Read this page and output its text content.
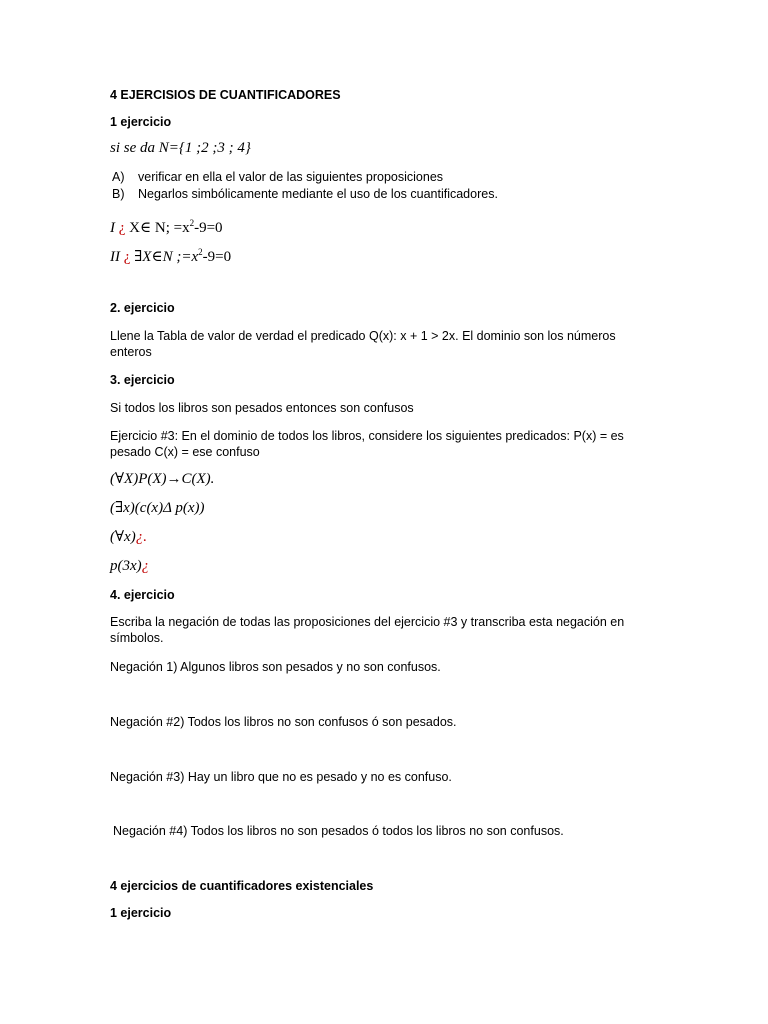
4 EJERCISIOS DE CUANTIFICADORES
1 ejercicio
si se da N={1 ;2 ;3 ; 4}
A) verificar en ella el valor de las siguientes proposiciones
B) Negarlos simbólicamente mediante el uso de los cuantificadores.
I ¿ X∈ N; $=x^2-9=0$
II ¿ ∃X∈N $;=x^2-9=0$
2. ejercicio
Llene la Tabla de valor de verdad el predicado Q(x): x + 1 > 2x. El dominio son los números enteros
3. ejercicio
Si todos los libros son pesados entonces son confusos
Ejercicio #3: En el dominio de todos los libros, considere los siguientes predicados: P(x) = es pesado C(x) = ese confuso
(∀X)P(X)→C(X).
(∃x)(c(x)Δ p(x))
(∀x)¿.
p(3x)¿
4. ejercicio
Escriba la negación de todas las proposiciones del ejercicio #3 y transcriba esta negación en símbolos.
Negación 1) Algunos libros son pesados y no son confusos.
Negación #2) Todos los libros no son confusos ó son pesados.
Negación #3) Hay un libro que no es pesado y no es confuso.
Negación #4) Todos los libros no son pesados ó todos los libros no son confusos.
4 ejercicios de cuantificadores existenciales
1 ejercicio
